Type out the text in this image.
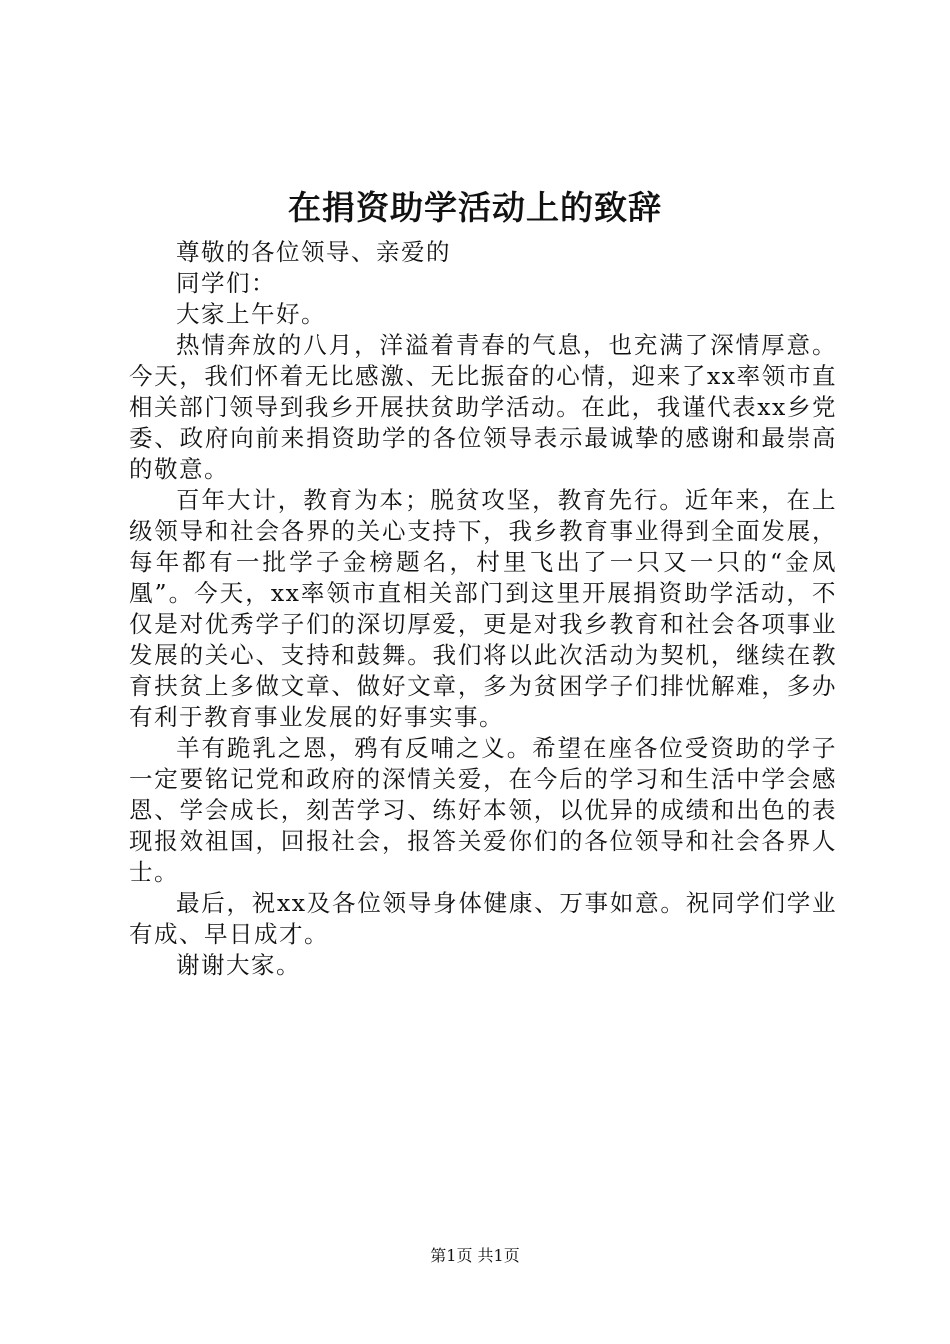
在捐资助学活动上的致辞

尊敬的各位领导、亲爱的

同学们：

大家上午好。

热情奔放的八月，洋溢着青春的气息，也充满了深情厚意。今天，我们怀着无比感激、无比振奋的心情，迎来了xx率领市直相关部门领导到我乡开展扶贫助学活动。在此，我谨代表xx乡党委、政府向前来捐资助学的各位领导表示最诚挚的感谢和最崇高的敬意。

百年大计，教育为本；脱贫攻坚，教育先行。近年来，在上级领导和社会各界的关心支持下，我乡教育事业得到全面发展，每年都有一批学子金榜题名，村里飞出了一只又一只的“金凤凰”。今天，xx率领市直相关部门到这里开展捐资助学活动，不仅是对优秀学子们的深切厚爱，更是对我乡教育和社会各项事业发展的关心、支持和鼓舞。我们将以此次活动为契机，继续在教育扶贫上多做文章、做好文章，多为贫困学子们排忧解难，多办有利于教育事业发展的好事实事。

羊有跪乳之恩，鸦有反哺之义。希望在座各位受资助的学子一定要铭记党和政府的深情关爱，在今后的学习和生活中学会感恩、学会成长，刻苦学习、练好本领，以优异的成绩和出色的表现报效祖国，回报社会，报答关爱你们的各位领导和社会各界人士。

最后，祝xx及各位领导身体健康、万事如意。祝同学们学业有成、早日成才。

谢谢大家。

第1页 共1页
